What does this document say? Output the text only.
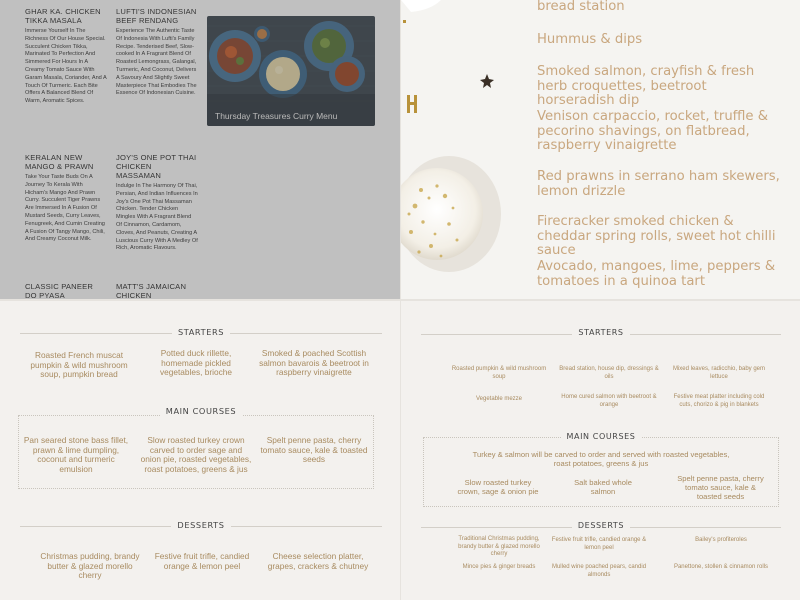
GHAR KA. CHICKEN TIKKA MASALA

Immerse Yourself In The Richness Of Our House Special. Succulent Chicken Tikka, Marinated To Perfection And Simmered For Hours In A Creamy Tomato Sauce With Garam Masala, Coriander, And A Touch Of Turmeric. Each Bite Offers A Balanced Blend Of Warm, Aromatic Spices.

LUFTI'S INDONESIAN BEEF RENDANG

Experience The Authentic Taste Of Indonesia With Lufti's Family Recipe. Tenderised Beef, Slow-cooked In A Fragrant Blend Of Roasted Lemongrass, Galangal, Turmeric, And Coconut, Delivers A Savoury And Slightly Sweet Masterpiece That Embodies The Essence Of Indonesian Cuisine.

KERALAN NEW MANGO & PRAWN

Take Your Taste Buds On A Journey To Kerala With Hicham's Mango And Prawn Curry. Succulent Tiger Prawns Are Immersed In A Fusion Of Mustard Seeds, Curry Leaves, Fenugreek, And Cumin Creating A Fusion Of Tangy Mango, Chili, And Creamy Coconut Milk.

JOY'S ONE POT THAI CHICKEN MASSAMAN

Indulge In The Harmony Of Thai, Persian, And Indian Influences In Joy's One Pot Thai Massaman Chicken. Tender Chicken Mingles With A Fragrant Blend Of Cinnamon, Cardamom, Cloves, And Peanuts, Creating A Luscious Curry With A Medley Of Rich, Aromatic Flavours.

CLASSIC PANEER DO PYASA
MATT'S JAMAICAN CHICKEN
Thursday Treasures Curry Menu
bread station
Hummus & dips
Smoked salmon, crayfish & fresh herb croquettes, beetroot horseradish dip
Venison carpaccio, rocket, truffle & pecorino shavings, on flatbread, raspberry vinaigrette
Red prawns in serrano ham skewers, lemon drizzle
Firecracker smoked chicken & cheddar spring rolls, sweet hot chilli sauce
Avocado, mangoes, lime, peppers & tomatoes in a quinoa tart
STARTERS
Roasted French muscat pumpkin & wild mushroom soup, pumpkin bread
Potted duck rillette, homemade pickled vegetables, brioche
Smoked & poached Scottish salmon bavarois & beetroot in raspberry vinaigrette
MAIN COURSES
Pan seared stone bass fillet, prawn & lime dumpling, coconut and turmeric emulsion
Slow roasted turkey crown carved to order sage and onion pie, roasted vegetables, roast potatoes, greens & jus
Spelt penne pasta, cherry tomato sauce, kale & toasted seeds
DESSERTS
Christmas pudding, brandy butter & glazed morello cherry
Festive fruit trifle, candied orange & lemon peel
Cheese selection platter, grapes, crackers & chutney
STARTERS
Roasted pumpkin & wild mushroom soup
Bread station, house dip, dressings & oils
Mixed leaves, radicchio, baby gem lettuce
Vegetable mezze	Home cured salmon with beetroot & orange
Festive meat platter including cold cuts, chorizo & pig in blankets
MAIN COURSES
Turkey & salmon will be carved to order and served with roasted vegetables, roast potatoes, greens & jus
Slow roasted turkey crown, sage & onion pie
Salt baked whole salmon
Spelt penne pasta, cherry tomato sauce, kale & toasted seeds
DESSERTS
Traditional Christmas pudding, brandy butter & glazed morello cherry
Festive fruit trifle, candied orange & lemon peel
Bailey's profiteroles
Mince pies & ginger breads	Mulled wine poached pears, candid almonds
Panettone, stollen & cinnamon rolls
